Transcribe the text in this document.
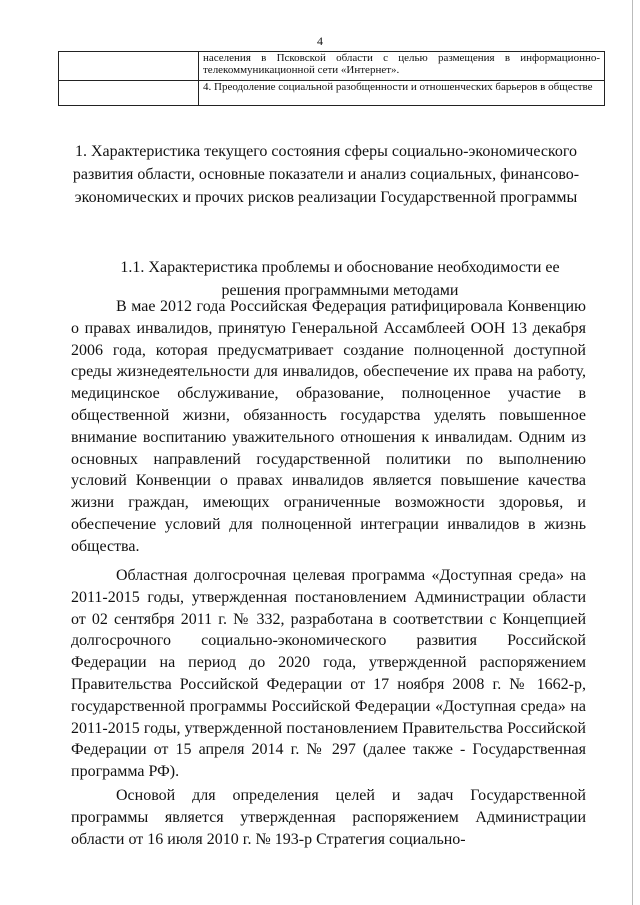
4
	населения в Псковской области с целью размещения в информационно-телекоммуникационной сети «Интернет».
	4. Преодоление социальной разобщенности и отношенческих барьеров в обществе
1. Характеристика текущего состояния сферы социально-экономического развития области, основные показатели и анализ социальных, финансово-экономических и прочих рисков реализации Государственной программы
1.1. Характеристика проблемы и обоснование необходимости ее решения программными методами

В мае 2012 года Российская Федерация ратифицировала Конвенцию о правах инвалидов, принятую Генеральной Ассамблеей ООН 13 декабря 2006 года, которая предусматривает создание полноценной доступной среды жизнедеятельности для инвалидов, обеспечение их права на работу, медицинское обслуживание, образование, полноценное участие в общественной жизни, обязанность государства уделять повышенное внимание воспитанию уважительного отношения к инвалидам. Одним из основных направлений государственной политики по выполнению условий Конвенции о правах инвалидов является повышение качества жизни граждан, имеющих ограниченные возможности здоровья, и обеспечение условий для полноценной интеграции инвалидов в жизнь общества.

Областная долгосрочная целевая программа «Доступная среда» на 2011-2015 годы, утвержденная постановлением Администрации области от 02 сентября 2011 г. № 332, разработана в соответствии с Концепцией долгосрочного социально-экономического развития Российской Федерации на период до 2020 года, утвержденной распоряжением Правительства Российской Федерации от 17 ноября 2008 г. № 1662-р, государственной программы Российской Федерации «Доступная среда» на 2011-2015 годы, утвержденной постановлением Правительства Российской Федерации от 15 апреля 2014 г. № 297 (далее также - Государственная программа РФ).

Основой для определения целей и задач Государственной программы является утвержденная распоряжением Администрации области от 16 июля 2010 г. № 193-р Стратегия социально-
